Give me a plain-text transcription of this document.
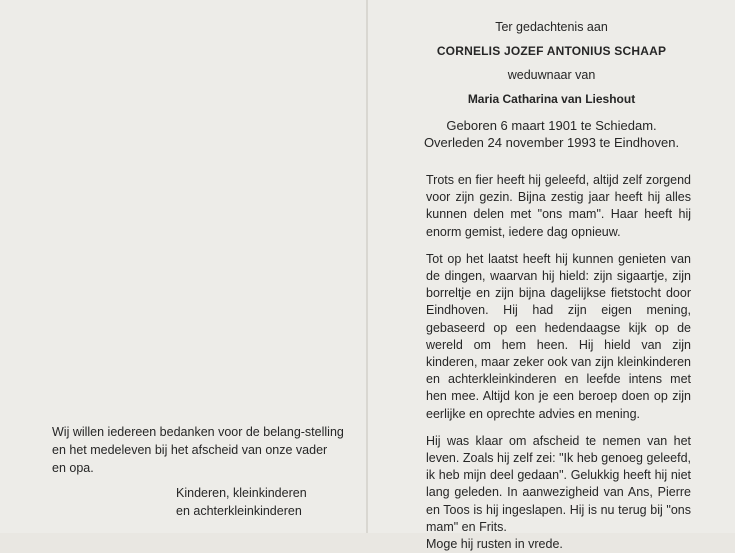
Wij willen iedereen bedanken voor de belang-stelling en het medeleven bij het afscheid van onze vader en opa.

Kinderen, kleinkinderen
en achterkleinkinderen
Ter gedachtenis aan
CORNELIS JOZEF ANTONIUS SCHAAP
weduwnaar van
Maria Catharina van Lieshout
Geboren 6 maart 1901 te Schiedam.
Overleden 24 november 1993 te Eindhoven.

Trots en fier heeft hij geleefd, altijd zelf zorgend voor zijn gezin. Bijna zestig jaar heeft hij alles kunnen delen met "ons mam". Haar heeft hij enorm gemist, iedere dag opnieuw.

Tot op het laatst heeft hij kunnen genieten van de dingen, waarvan hij hield: zijn sigaartje, zijn borreltje en zijn bijna dagelijkse fietstocht door Eindhoven. Hij had zijn eigen mening, gebaseerd op een hedendaagse kijk op de wereld om hem heen. Hij hield van zijn kinderen, maar zeker ook van zijn kleinkinderen en achterkleinkinderen en leefde intens met hen mee. Altijd kon je een beroep doen op zijn eerlijke en oprechte advies en mening.

Hij was klaar om afscheid te nemen van het leven. Zoals hij zelf zei: "Ik heb genoeg geleefd, ik heb mijn deel gedaan". Gelukkig heeft hij niet lang geleden. In aanwezigheid van Ans, Pierre en Toos is hij ingeslapen. Hij is nu terug bij "ons mam" en Frits.

Moge hij rusten in vrede.
